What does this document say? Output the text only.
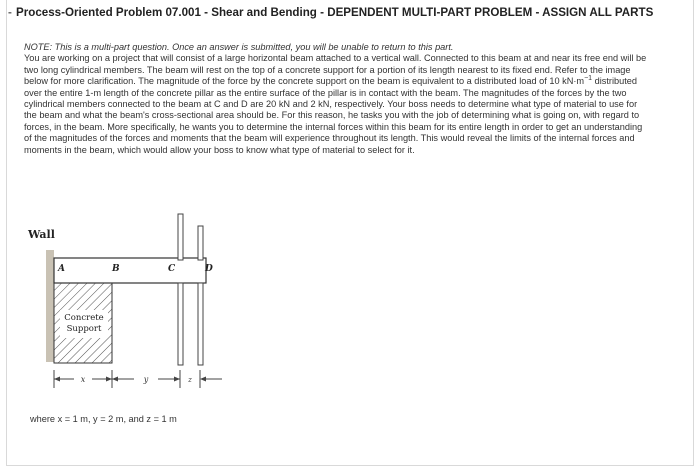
- Process-Oriented Problem 07.001 - Shear and Bending - DEPENDENT MULTI-PART PROBLEM - ASSIGN ALL PARTS

NOTE: This is a multi-part question. Once an answer is submitted, you will be unable to return to this part.

You are working on a project that will consist of a large horizontal beam attached to a vertical wall. Connected to this beam at and near its free end will be two long cylindrical members. The beam will rest on the top of a concrete support for a portion of its length nearest to its fixed end. Refer to the image below for more clarification. The magnitude of the force by the concrete support on the beam is equivalent to a distributed load of 10 $kN\cdot m^{-1}$ distributed over the entire 1-m length of the concrete pillar as the entire surface of the pillar is in contact with the beam. The magnitudes of the forces by the two cylindrical members connected to the beam at C and D are 20 kN and 2 kN, respectively. Your boss needs to determine what type of material to use for the beam and what the beam's cross-sectional area should be. For this reason, he tasks you with the job of determining what is going on, with regard to forces, in the beam. More specifically, he wants you to determine the internal forces within this beam for its entire length in order to get an understanding of the magnitudes of the forces and moments that the beam will experience throughout its length. This would reveal the limits of the internal forces and moments in the beam, which would allow your boss to know what type of material to select for it.

Wall
Concrete
Support
A	B	C	D
x	y	z
where x = 1 m, y = 2 m, and z = 1 m
